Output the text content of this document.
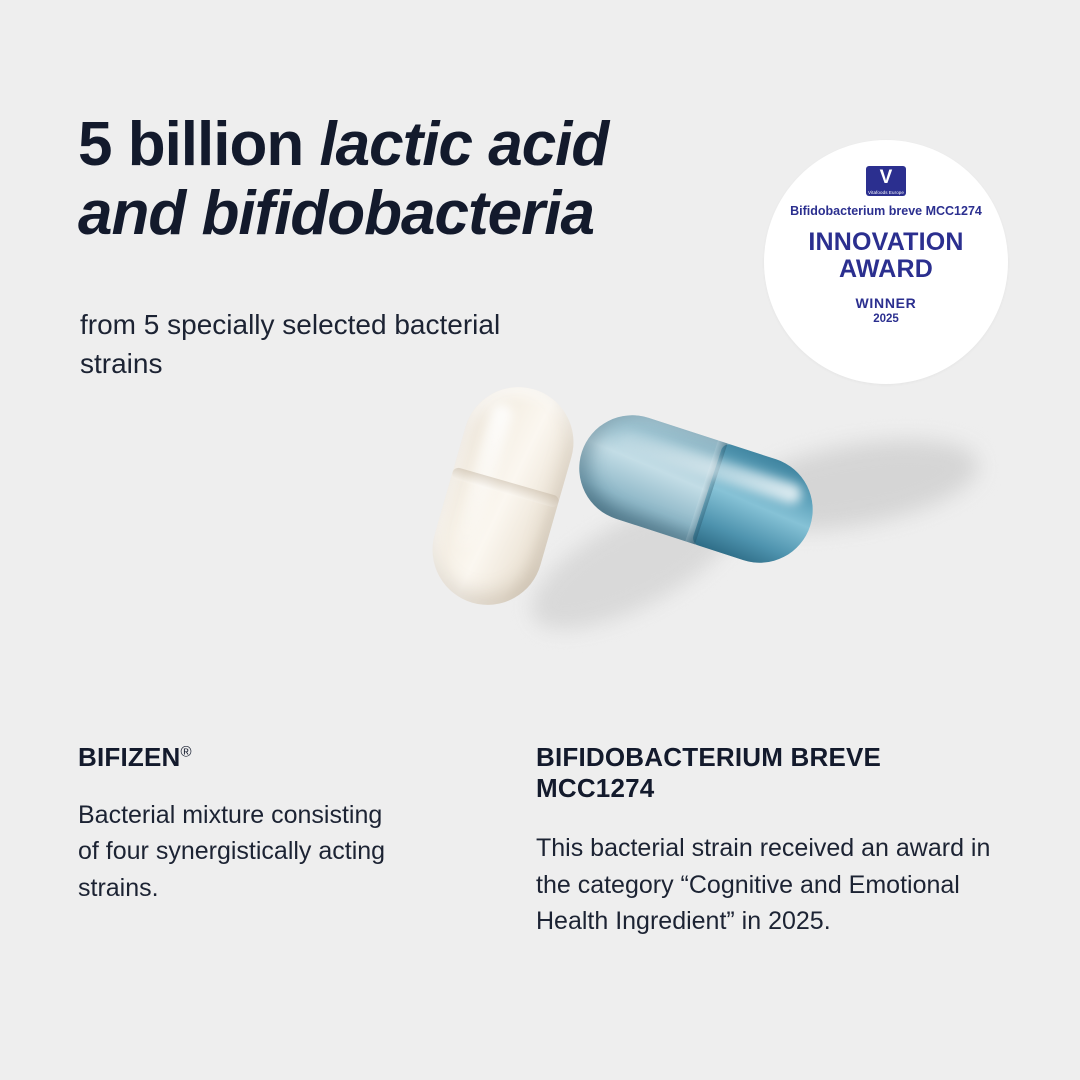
5 billion lactic acid
and bifidobacteria

from 5 specially selected bacterial strains

V
Vitafoods Europe
Bifidobacterium breve MCC1274
INNOVATION AWARD
WINNER
2025
BIFIZEN®

Bacterial mixture consisting of four synergistically acting strains.

BIFIDOBACTERIUM BREVE MCC1274

This bacterial strain received an award in the category “Cognitive and Emotional Health Ingredient” in 2025.
